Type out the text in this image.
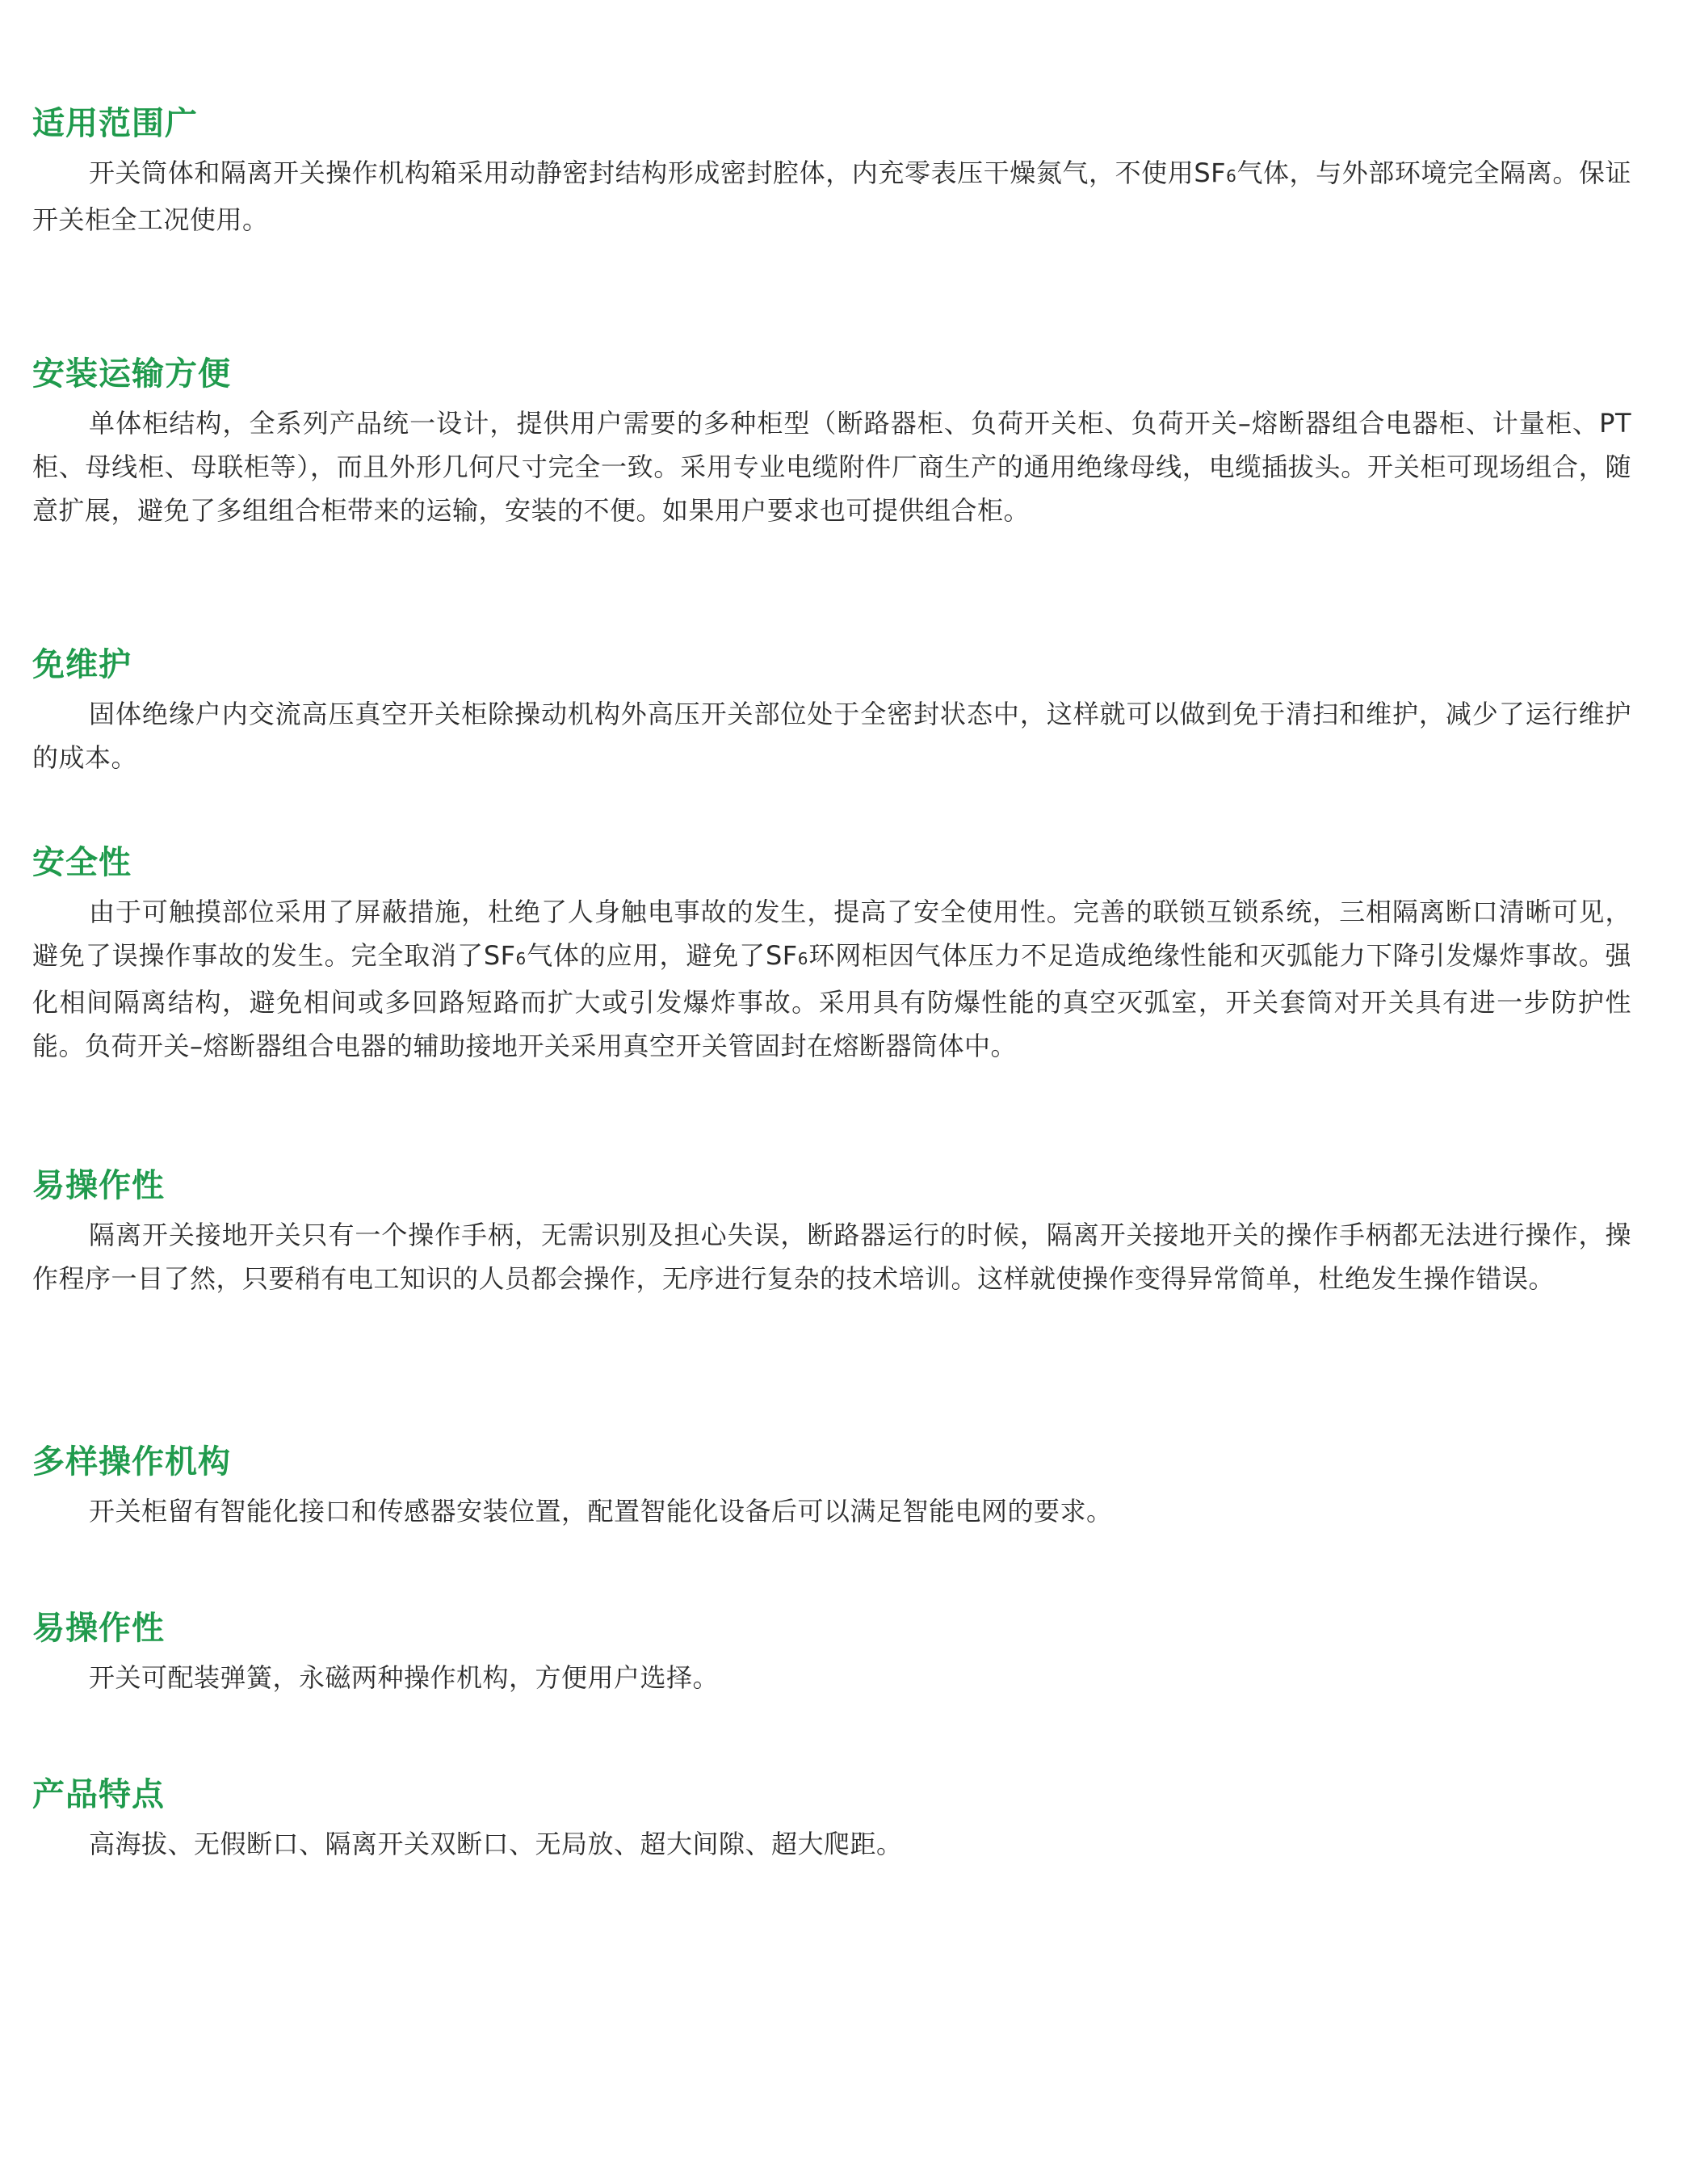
适用范围广

开关筒体和隔离开关操作机构箱采用动静密封结构形成密封腔体，内充零表压干燥氮气，不使用SF6气体，与外部环境完全隔离。保证开关柜全工况使用。

安装运输方便

单体柜结构，全系列产品统一设计，提供用户需要的多种柜型（断路器柜、负荷开关柜、负荷开关–熔断器组合电器柜、计量柜、PT柜、母线柜、母联柜等），而且外形几何尺寸完全一致。采用专业电缆附件厂商生产的通用绝缘母线，电缆插拔头。开关柜可现场组合，随意扩展，避免了多组组合柜带来的运输，安装的不便。如果用户要求也可提供组合柜。

免维护

固体绝缘户内交流高压真空开关柜除操动机构外高压开关部位处于全密封状态中，这样就可以做到免于清扫和维护，减少了运行维护的成本。

安全性

由于可触摸部位采用了屏蔽措施，杜绝了人身触电事故的发生，提高了安全使用性。完善的联锁互锁系统，三相隔离断口清晰可见，避免了误操作事故的发生。完全取消了SF6气体的应用，避免了SF6环网柜因气体压力不足造成绝缘性能和灭弧能力下降引发爆炸事故。强化相间隔离结构，避免相间或多回路短路而扩大或引发爆炸事故。采用具有防爆性能的真空灭弧室，开关套筒对开关具有进一步防护性能。负荷开关–熔断器组合电器的辅助接地开关采用真空开关管固封在熔断器筒体中。

易操作性

隔离开关接地开关只有一个操作手柄，无需识别及担心失误，断路器运行的时候，隔离开关接地开关的操作手柄都无法进行操作，操作程序一目了然，只要稍有电工知识的人员都会操作，无序进行复杂的技术培训。这样就使操作变得异常简单，杜绝发生操作错误。

多样操作机构

开关柜留有智能化接口和传感器安装位置，配置智能化设备后可以满足智能电网的要求。

易操作性

开关可配装弹簧，永磁两种操作机构，方便用户选择。

产品特点

高海拔、无假断口、隔离开关双断口、无局放、超大间隙、超大爬距。
